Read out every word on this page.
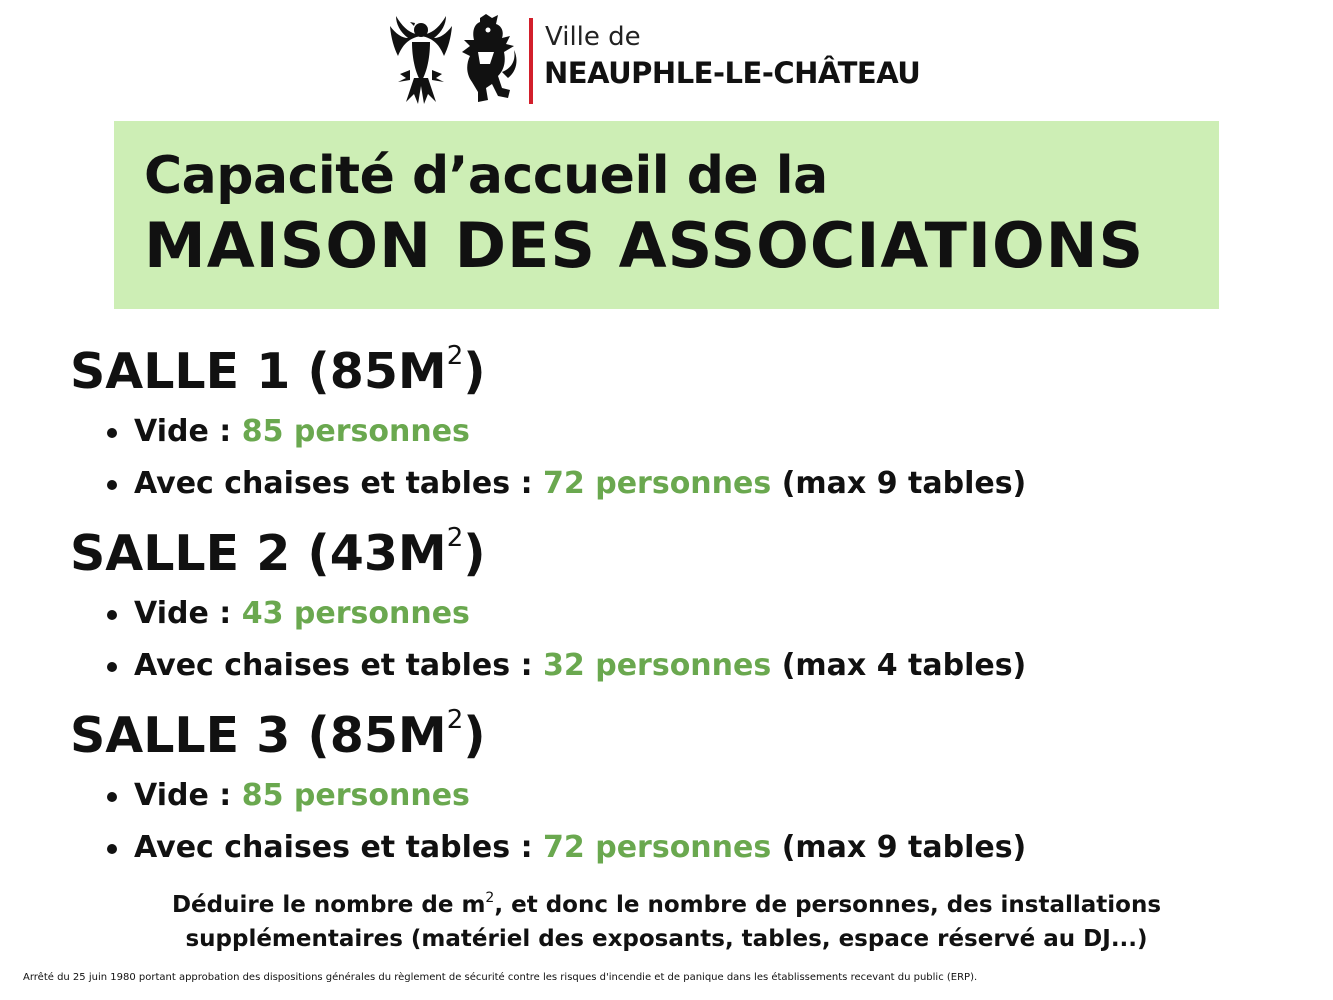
Ville de
NEAUPHLE-LE-CHÂTEAU
Capacité d’accueil de la
MAISON DES ASSOCIATIONS
SALLE 1 $(85M^2)$
Vide : 85 personnes
Avec chaises et tables : 72 personnes (max 9 tables)
SALLE 2 $(43M^2)$
Vide : 43 personnes
Avec chaises et tables : 32 personnes (max 4 tables)
SALLE 3 $(85M^2)$
Vide : 85 personnes
Avec chaises et tables : 72 personnes (max 9 tables)
Déduire le nombre de $m^2$, et donc le nombre de personnes, des installations
supplémentaires (matériel des exposants, tables, espace réservé au DJ...)
Arrêté du 25 juin 1980 portant approbation des dispositions générales du règlement de sécurité contre les risques d'incendie et de panique dans les établissements recevant du public (ERP).
